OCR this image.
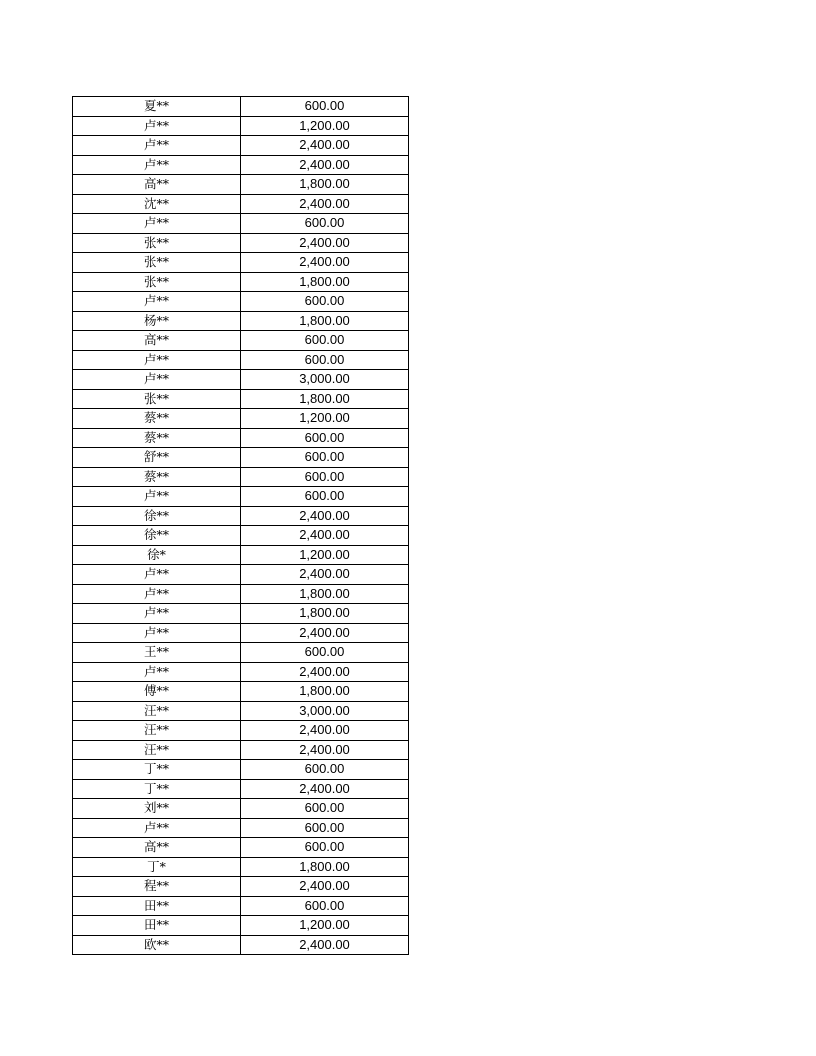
夏**	600.00
卢**	1,200.00
卢**	2,400.00
卢**	2,400.00
高**	1,800.00
沈**	2,400.00
卢**	600.00
张**	2,400.00
张**	2,400.00
张**	1,800.00
卢**	600.00
杨**	1,800.00
高**	600.00
卢**	600.00
卢**	3,000.00
张**	1,800.00
蔡**	1,200.00
蔡**	600.00
舒**	600.00
蔡**	600.00
卢**	600.00
徐**	2,400.00
徐**	2,400.00
徐*	1,200.00
卢**	2,400.00
卢**	1,800.00
卢**	1,800.00
卢**	2,400.00
王**	600.00
卢**	2,400.00
傅**	1,800.00
汪**	3,000.00
汪**	2,400.00
汪**	2,400.00
丁**	600.00
丁**	2,400.00
刘**	600.00
卢**	600.00
高**	600.00
丁*	1,800.00
程**	2,400.00
田**	600.00
田**	1,200.00
欧**	2,400.00
